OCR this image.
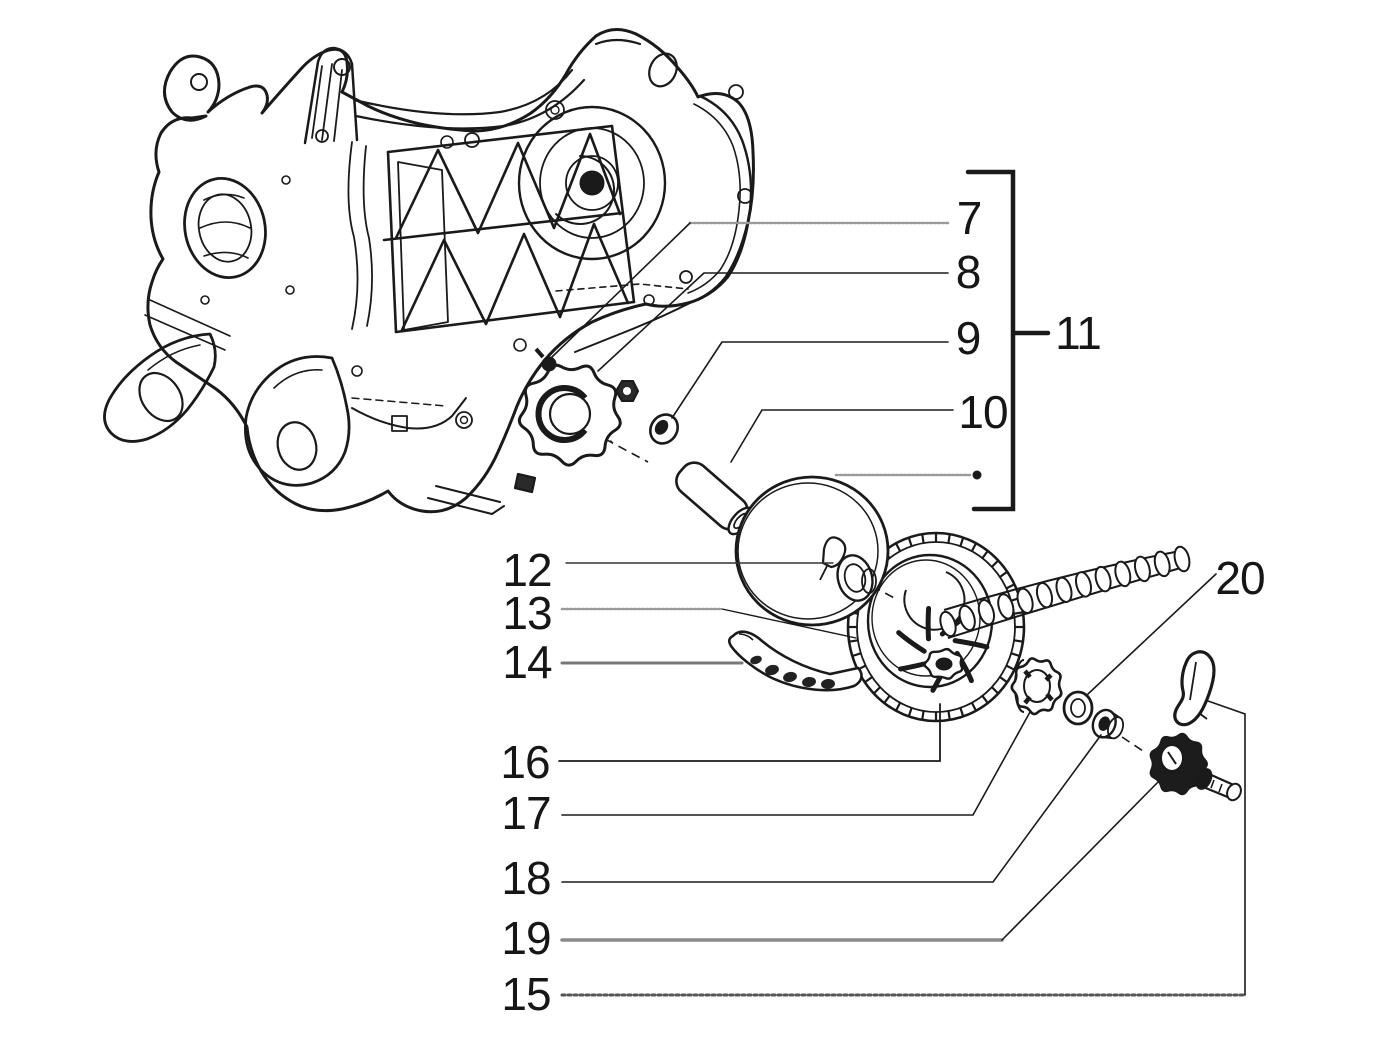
7
8
9
10
11
12
13
14
16
17
18
19
15
20
